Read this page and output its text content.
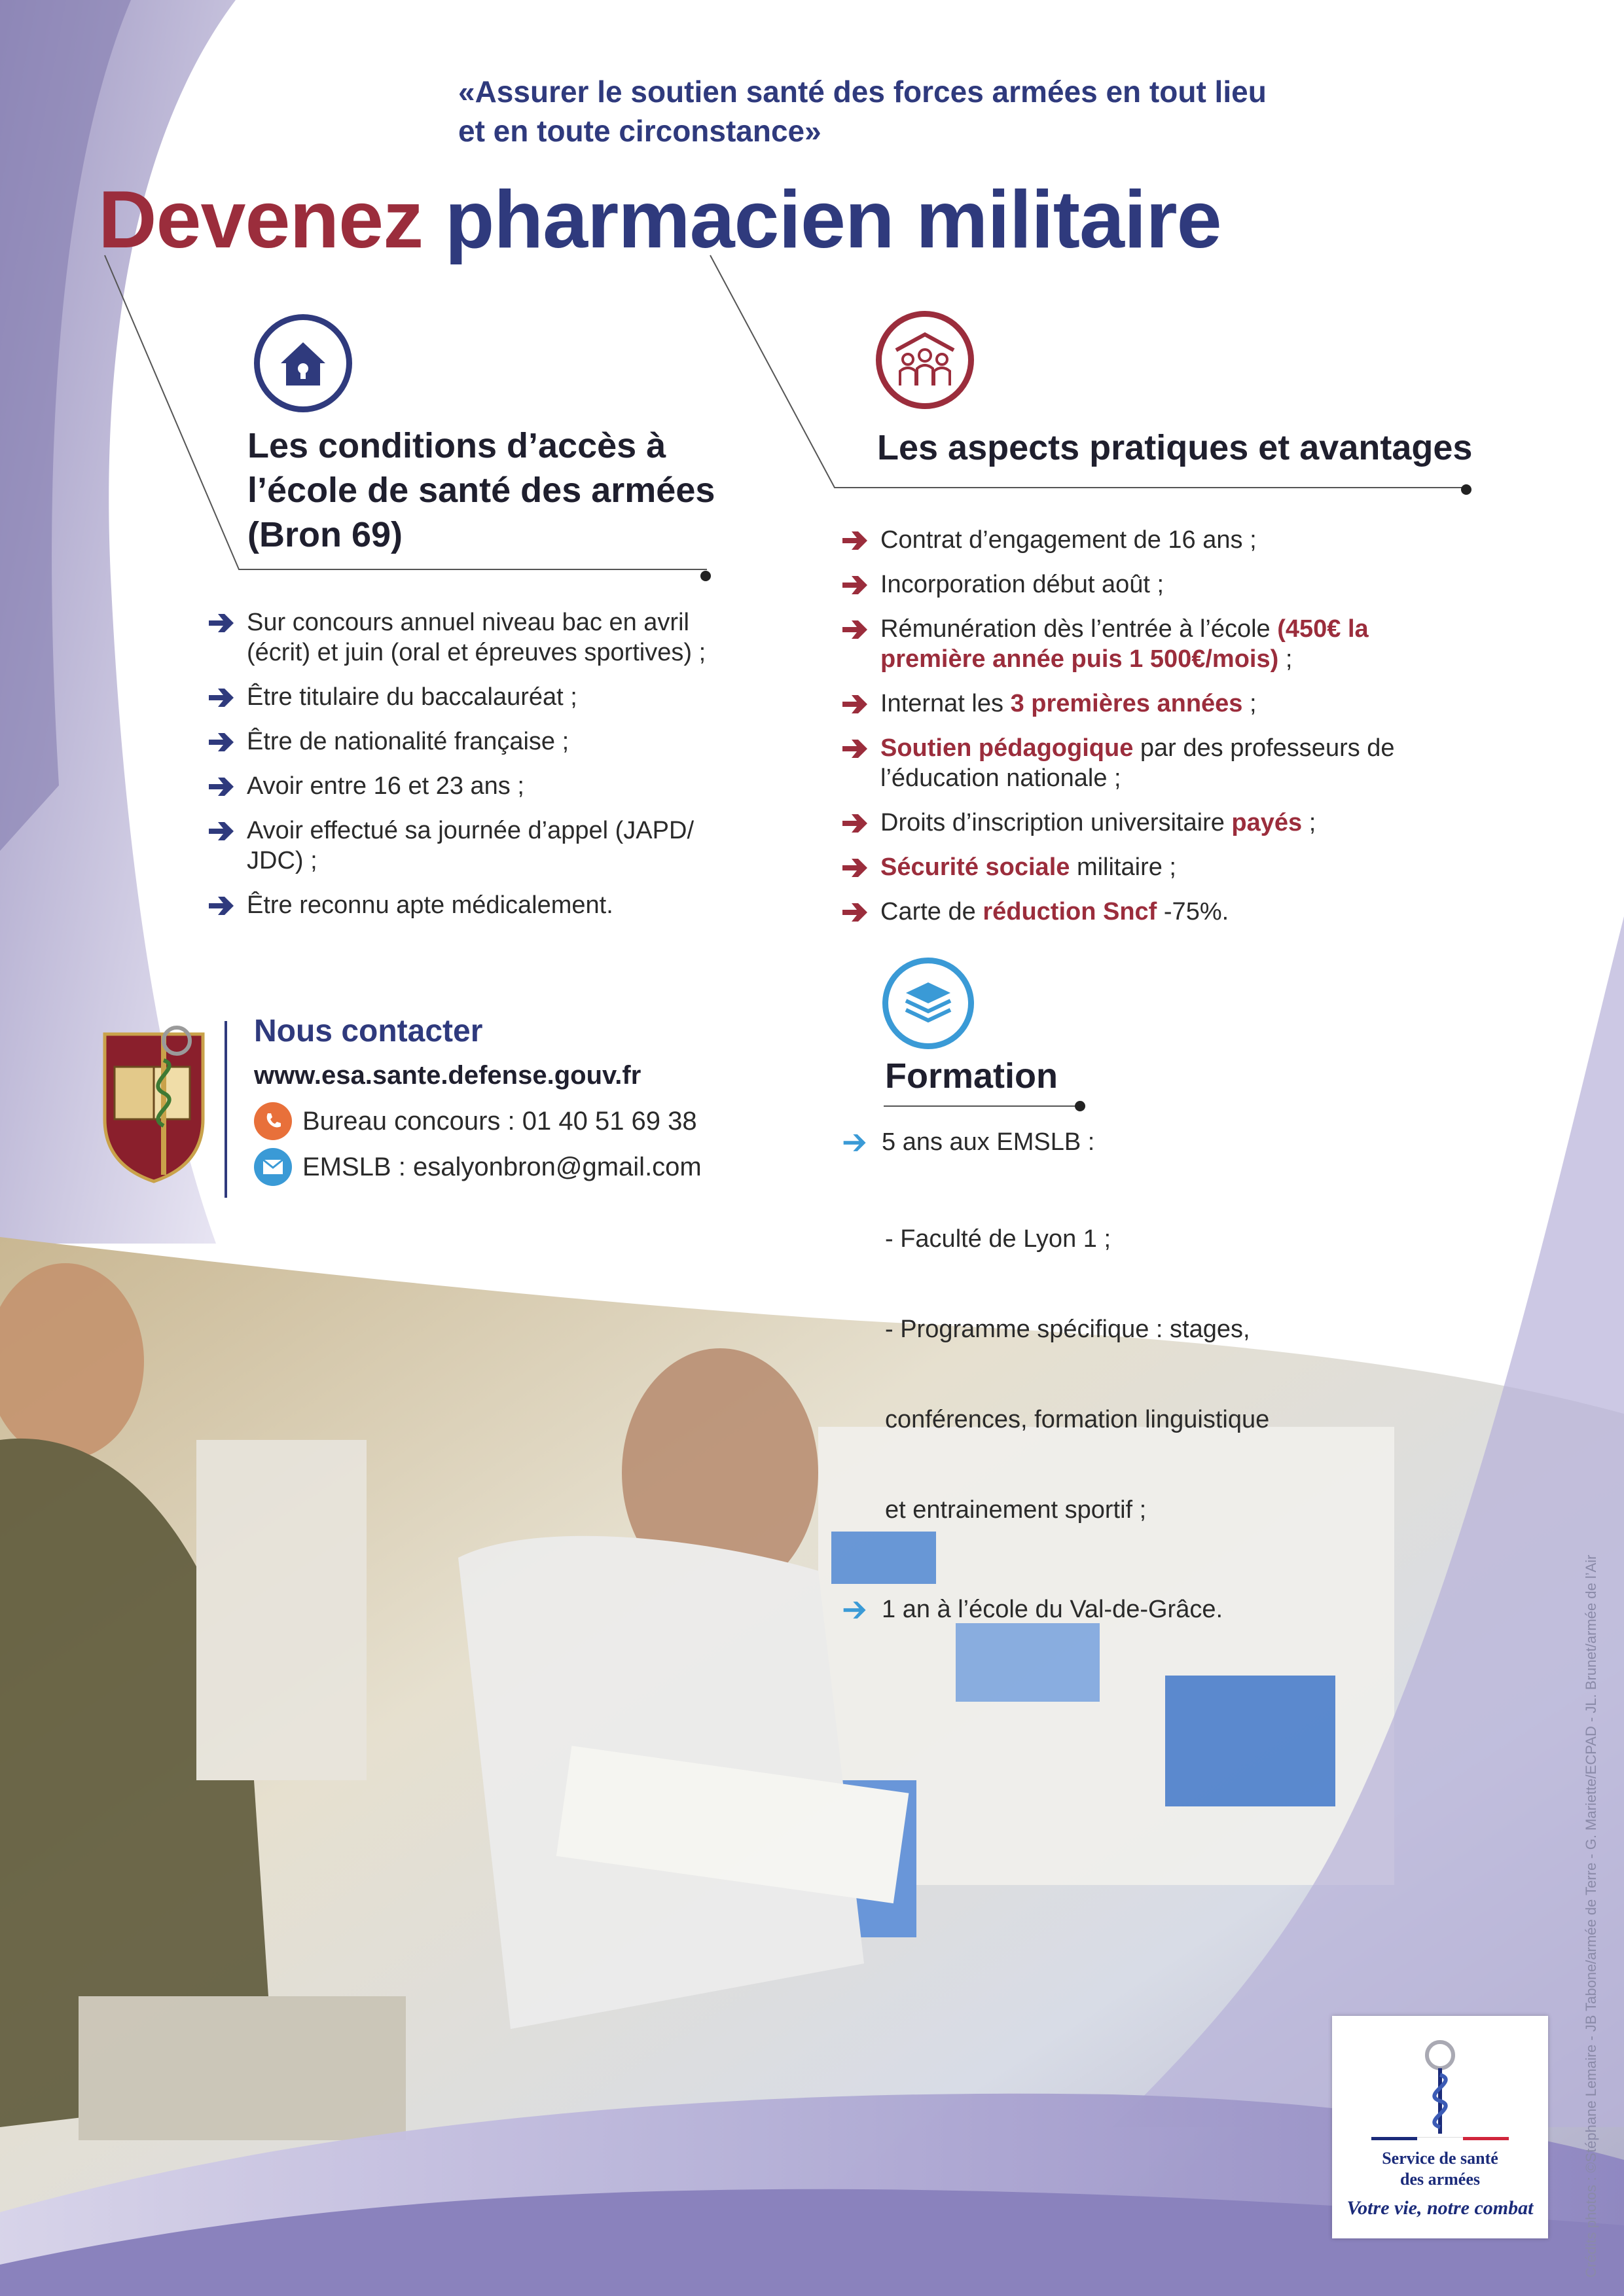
«Assurer le soutien santé des forces armées en tout lieu
et en toute circonstance»
Devenez pharmacien militaire
Les conditions d’accès à
l’école de santé des armées
(Bron 69)
Sur concours annuel niveau bac en avril
(écrit) et juin (oral et épreuves sportives) ;
Être titulaire du baccalauréat ;
Être de nationalité française ;
Avoir entre 16 et 23 ans ;
Avoir effectué sa journée d’appel (JAPD/
JDC) ;
Être reconnu apte médicalement.
Les aspects pratiques et avantages
Contrat d’engagement de 16 ans ;
Incorporation début août ;
Rémunération dès l’entrée à l’école (450€ la
première année puis 1 500€/mois) ;
Internat les 3 premières années ;
Soutien pédagogique par des professeurs de
l’éducation nationale ;
Droits d’inscription universitaire payés ;
Sécurité sociale militaire ;
Carte de réduction Sncf -75%.
Nous contacter
www.esa.sante.defense.gouv.fr
Bureau concours : 01 40 51 69 38
EMSLB : esalyonbron@gmail.com
Formation
5 ans aux EMSLB :

- Faculté de Lyon 1 ;

- Programme spécifique : stages,

conférences, formation linguistique

et entrainement sportif ;

1 an à l’école du Val-de-Grâce.
Service de santé
des armées
Votre vie, notre combat	Crédits photos : ©Stéphane Lemaire - JB Tabone/armée de Terre - G. Mariette/ECPAD - JL. Brunet/armée de l’Air
